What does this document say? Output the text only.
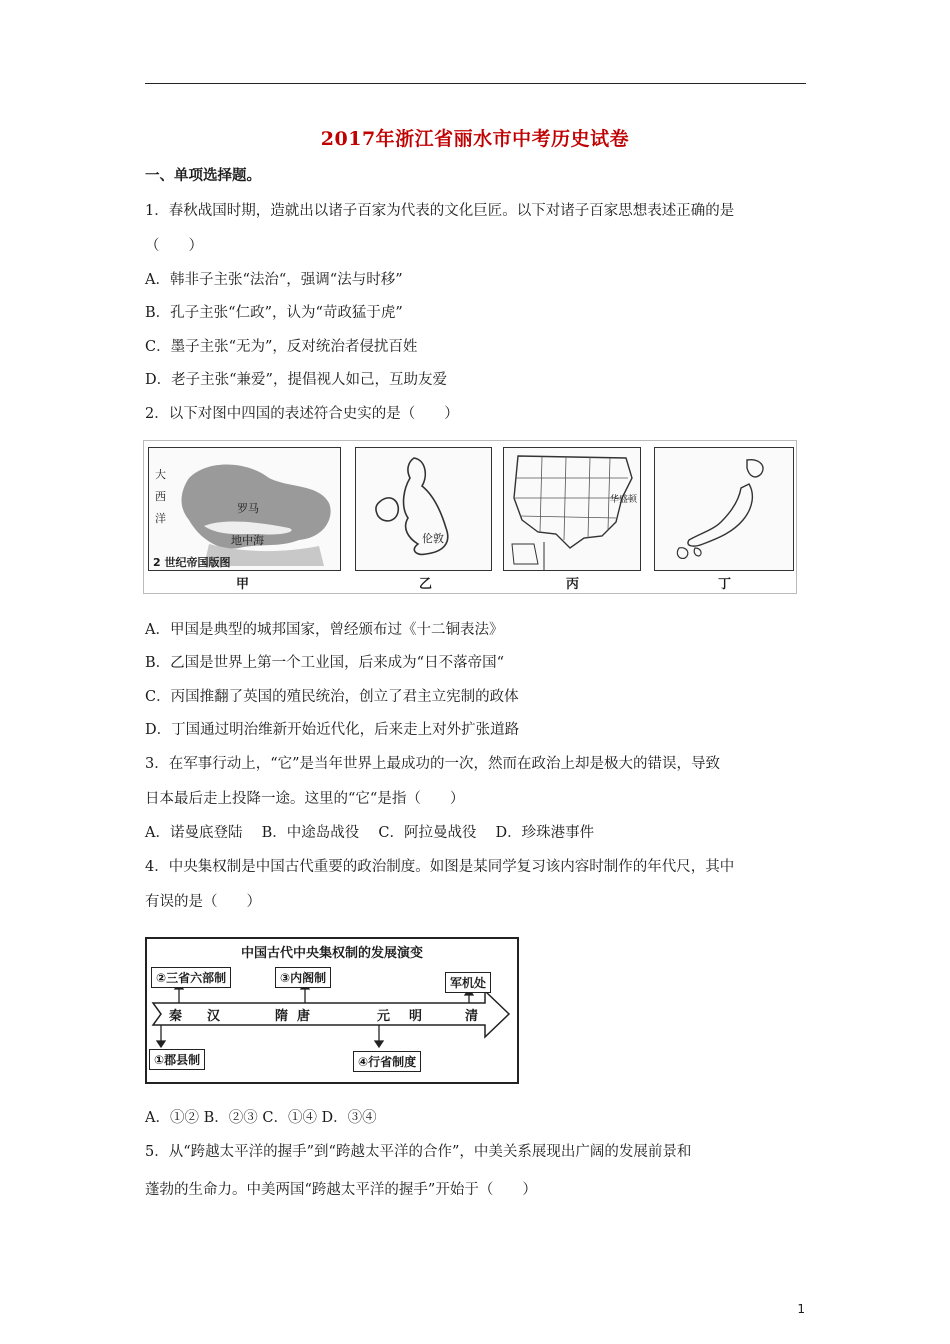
2017年浙江省丽水市中考历史试卷
一、单项选择题。
1．春秋战国时期，造就出以诸子百家为代表的文化巨匠。以下对诸子百家思想表述正确的是
（　　）
A．韩非子主张“法治“，强调“法与时移”
B．孔子主张“仁政”，认为“苛政猛于虎”
C．墨子主张“无为”，反对统治者侵扰百姓
D．老子主张“兼爱”，提倡视人如己，互助友爱
2．以下对图中四国的表述符合史实的是（　　）
大
西
洋
罗马
地中海
2 世纪帝国版图
甲
伦敦
乙
华盛顿
丙	丁
A．甲国是典型的城邦国家，曾经颁布过《十二铜表法》
B．乙国是世界上第一个工业国，后来成为“日不落帝国“
C．丙国推翻了英国的殖民统治，创立了君主立宪制的政体
D．丁国通过明治维新开始近代化，后来走上对外扩张道路
3．在军事行动上，“它”是当年世界上最成功的一次，然而在政治上却是极大的错误，导致
日本最后走上投降一途。这里的“它“是指（　　）
A．诺曼底登陆　 B．中途岛战役　 C．阿拉曼战役　 D．珍珠港事件
4．中央集权制是中国古代重要的政治制度。如图是某同学复习该内容时制作的年代尺，其中
有误的是（　　）
中国古代中央集权制的发展演变
②三省六部制	③内阁制	军机处
秦 汉	隋 唐	元 明	清
①郡县制	④行省制度
A．①② B．②③ C．①④ D．③④
5．从“跨越太平洋的握手”到“跨越太平洋的合作”，中美关系展现出广阔的发展前景和
蓬勃的生命力。中美两国“跨越太平洋的握手”开始于（　　）
1
